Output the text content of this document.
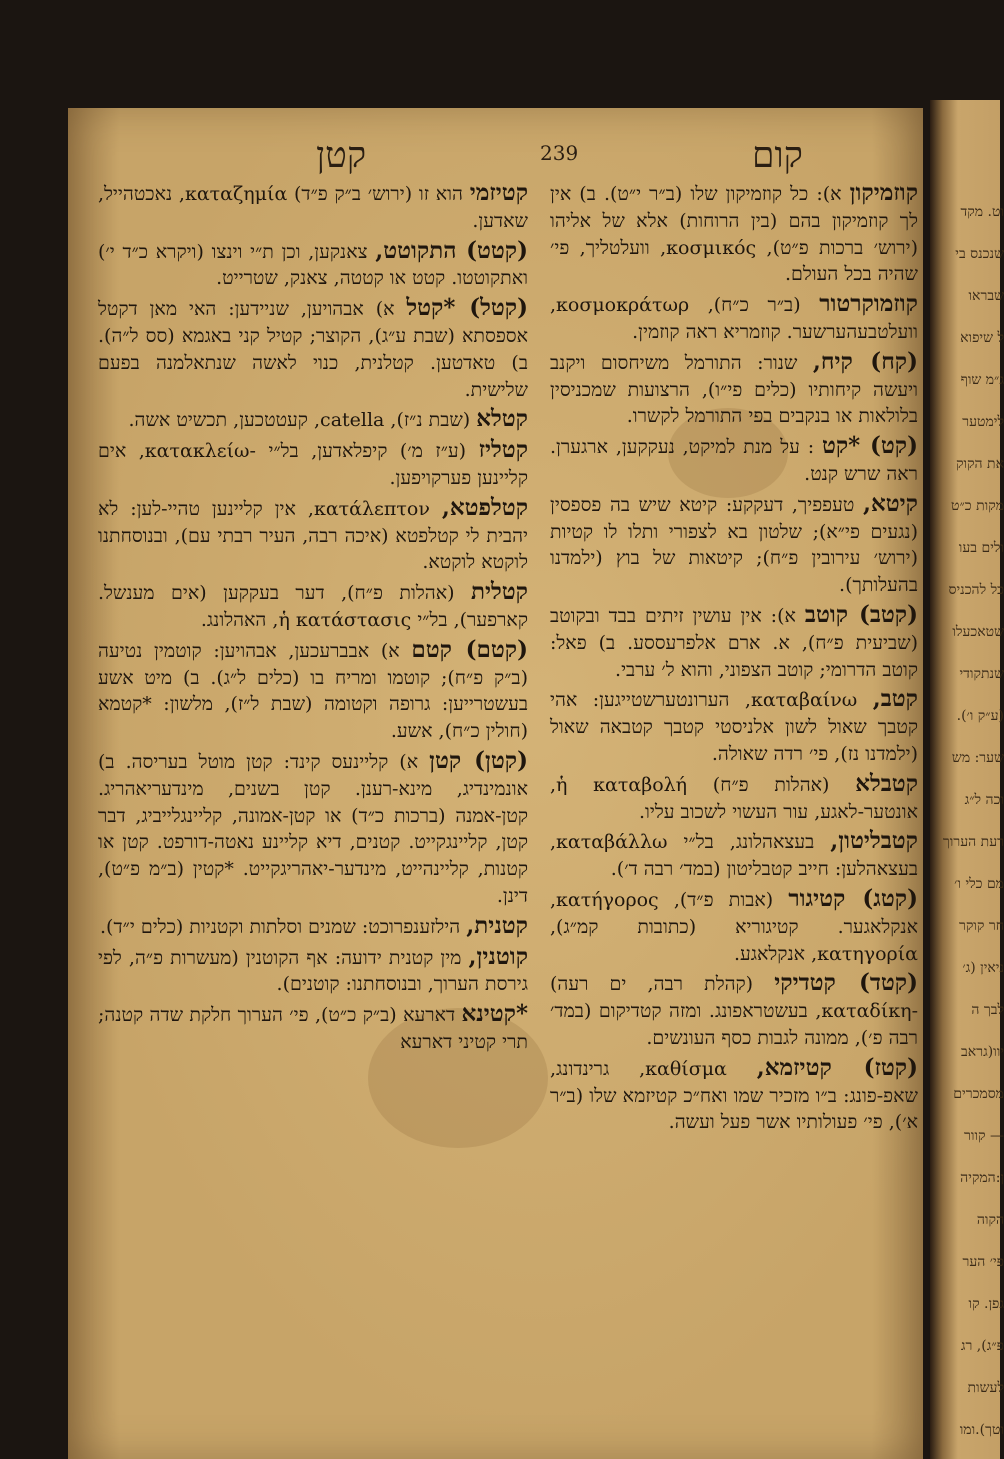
וט. מקד
שנכנס בי
שבראו
ל שיפוא
ג״מ שוף
לימטער
את הקוק
מקות כ״ט
ולים בעו
כל להכניס
שטאכעלו
שנתקודי
(ע״ק ו׳).
שער: מש
וכה ל״ג
רעת הערוך
מם כלי ו׳
חר קוקר
ניאין (ג׳
לבך ה
יוו(גראב
מסמכרים
— קוור
ן:המקיה
הקוה
פי׳ הער
גפן. קו
פ״ג), רג
לעשות
וטך).ומו
קטן	239	קום

קוזמיקון א): כל קוזמיקון שלו (ב״ר י״ט). ב) אין לך קוזמיקון בהם (בין הרוחות) אלא של אליהו (ירוש׳ ברכות פ״ט), κοσμικός, וועלטליך, פי׳ שהיה בכל העולם.

קוזמוקרטור (ב״ר כ״ח), κοσμοκράτωρ, וועלטבעהערשער. קוזמריא ראה קוזמין.

(קח) קיח, שנור: התורמל משיחסום ויקנב ויעשה קיחותיו (כלים פי״ו), הרצועות שמכניסין בלולאות או בנקבים בפי התורמל לקשרו.

(קט) *קט : על מנת למיקט, נעקקען, ארגערן. ראה שרש קנט.

קיטא, טעפפיך, דעקקע: קיטא שיש בה פספסין (נגעים פי״א); שלטון בא לצפורי ותלו לו קטיות (ירוש׳ עירובין פ״ח); קיטאות של בוץ (ילמדנו בהעלותך).

(קטב) קוטב א): אין עושין זיתים בבד ובקוטב (שביעית פ״ח), א. ארם אלפרעססע. ב) פאל: קוטב הדרומי; קוטב הצפוני, והוא ל׳ ערבי.

קטב, καταβαίνω, הערונטערשטייגען: אהי קטבך שאול לשון אלניסטי קטבך קטבאה שאול (ילמדנו נז), פי׳ רדה שאולה.

קטבלא (אהלות פ״ח) ἡ καταβολή, אונטער-לאגע, עור העשוי לשכוב עליו.

קטבליטון, בעצאהלונג, בל״י καταβάλλω, בעצאהלען: חייב קטבליטון (במד׳ רבה ד׳).

(קטג) קטיגור (אבות פ״ד), κατήγορος, אנקלאגער. קטיגוריא (כתובות קמ״ג), κατηγορία, אנקלאגע.

(קטד) קטדיקי (קהלת רבה, ים רעה) -καταδίκη, בעשטראפונג. ומזה קטדיקום (במד׳ רבה פ׳), ממונה לגבות כסף העונשים.

(קטז) קטיזמא, καθίσμα, גרינדונג, שאפ-פונג: ב״ו מזכיר שמו ואח״כ קטיזמא שלו (ב״ר א׳), פי׳ פעולותיו אשר פעל ועשה.

קטיזמי הוא זו (ירוש׳ ב״ק פ״ד) καταζημία, נאכטהייל, שאדען.

(קטט) התקוטט, צאנקען, וכן ת״י וינצו (ויקרא כ״ד י׳) ואתקוטטו. קטט או קטטה, צאנק, שטרייט.

(קטל) *קטל א) אבהויען, שניידען: האי מאן דקטל אספסתא (שבת ע״ג), הקוצר; קטיל קני באגמא (סס ל״ה). ב) טאדטען. קטלנית, כנוי לאשה שנתאלמנה בפעם שלישית.

קטלא (שבת נ״ז), catella, קעטטכען, תכשיט אשה.

קטליז (ע״ז מ׳) קיפלאדען, בל״י -κατακλείω, אים קליינען פערקויפען.

קטלפטא, κατάλεπτον, אין קליינען טהיי-לען: לא יהבית לי קטלפטא (איכה רבה, העיר רבתי עם), ובנוסחתנו לוקטא לוקטא.

קטלית (אהלות פ״ח), דער בעקקען (אים מענשל. קארפער), בל״י ἡ κατάστασις, האהלונג.

(קטם) קטם א) אבברעכען, אבהויען: קוטמין נטיעה (ב״ק פ״ח); קוטמו ומריח בו (כלים ל״ג). ב) מיט אשע בעשטרייען: גרופה וקטומה (שבת ל״ז), מלשון: *קטמא (חולין כ״ח), אשע.

(קטן) קטן א) קליינעס קינד: קטן מוטל בעריסה. ב) אונמינדיג, מינא-רענן. קטן בשנים, מינדעריאהריג. קטן-אמנה (ברכות כ״ד) או קטן-אמונה, קליינגלייביג, דבר קטן, קליינגקייט. קטנים, דיא קליינע נאטה-דורפט. קטן או קטנות, קליינהייט, מינדער-יאהריגקייט. *קטין (ב״מ פ״ט), דינן.

קטנית, הילזענפרוכט: שמנים וסלתות וקטניות (כלים י״ד).

קוטנין, מין קטנית ידועה: אף הקוטנין (מעשרות פ״ה, לפי גירסת הערוך, ובנוסחתנו: קוטנים).

*קטינא דארעא (ב״ק כ״ט), פי׳ הערוך חלקת שדה קטנה; תרי קטיני דארעא
